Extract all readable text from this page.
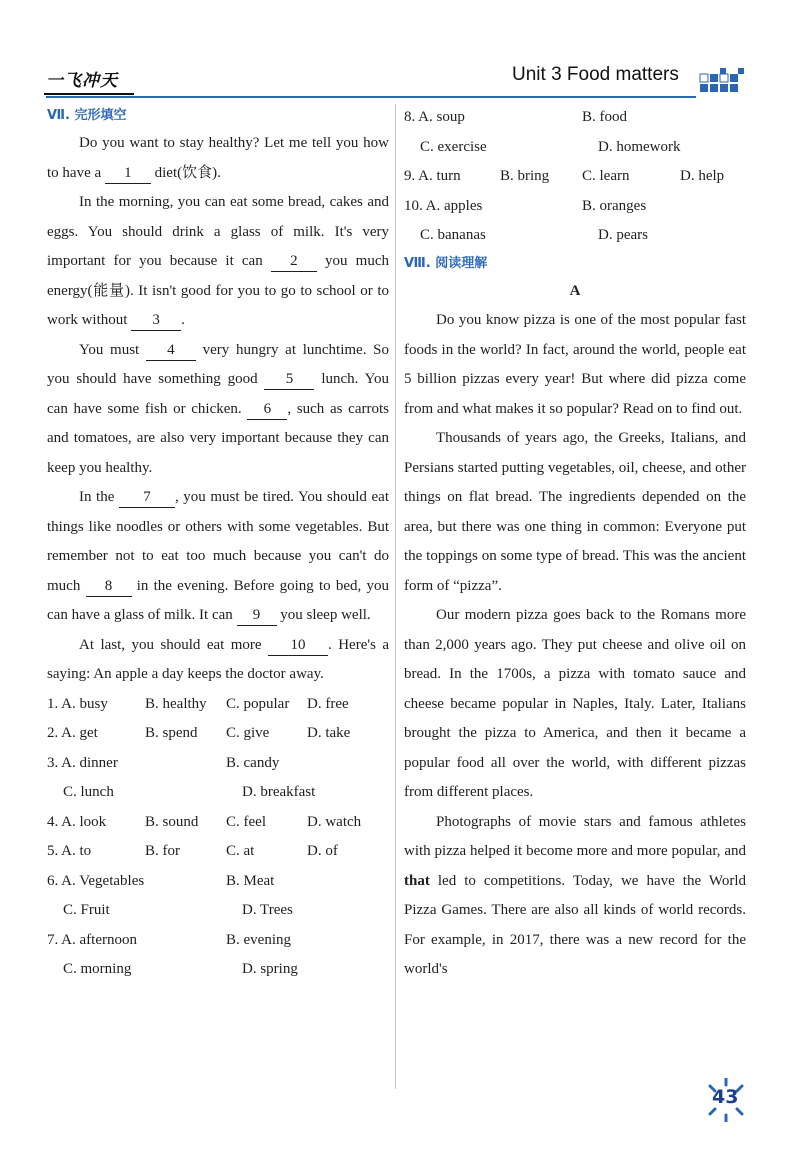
一飞冲天	Unit 3 Food matters
Ⅶ. 完形填空
Do you want to stay healthy? Let me tell you how to have a 1 diet(饮食).
In the morning, you can eat some bread, cakes and eggs. You should drink a glass of milk. It's very important for you because it can 2 you much energy(能量). It isn't good for you to go to school or to work without 3 .
You must 4 very hungry at lunchtime. So you should have something good 5 lunch. You can have some fish or chicken. 6 , such as carrots and tomatoes, are also very important because they can keep you healthy.
In the 7 , you must be tired. You should eat things like noodles or others with some vegetables. But remember not to eat too much because you can't do much 8 in the evening. Before going to bed, you can have a glass of milk. It can 9 you sleep well.
At last, you should eat more 10 . Here's a saying: An apple a day keeps the doctor away.
1. A. busy	B. healthy	C. popular	D. free
2. A. get	B. spend	C. give	D. take
3. A. dinner	B. candy
C. lunch	D. breakfast
4. A. look	B. sound	C. feel	D. watch
5. A. to	B. for	C. at	D. of
6. A. Vegetables	B. Meat
C. Fruit	D. Trees
7. A. afternoon	B. evening
C. morning	D. spring
8. A. soup	B. food
C. exercise	D. homework
9. A. turn	B. bring	C. learn	D. help
10. A. apples	B. oranges
C. bananas	D. pears
Ⅷ. 阅读理解
A
Do you know pizza is one of the most popular fast foods in the world? In fact, around the world, people eat 5 billion pizzas every year! But where did pizza come from and what makes it so popular? Read on to find out.
Thousands of years ago, the Greeks, Italians, and Persians started putting vegetables, oil, cheese, and other things on flat bread. The ingredients depended on the area, but there was one thing in common: Everyone put the toppings on some type of bread. This was the ancient form of “pizza”.
Our modern pizza goes back to the Romans more than 2,000 years ago. They put cheese and olive oil on bread. In the 1700s, a pizza with tomato sauce and cheese became popular in Naples, Italy. Later, Italians brought the pizza to America, and then it became a popular food all over the world, with different pizzas from different places.
Photographs of movie stars and famous athletes with pizza helped it become more and more popular, and that led to competitions. Today, we have the World Pizza Games. There are also all kinds of world records. For example, in 2017, there was a new record for the world's
43
